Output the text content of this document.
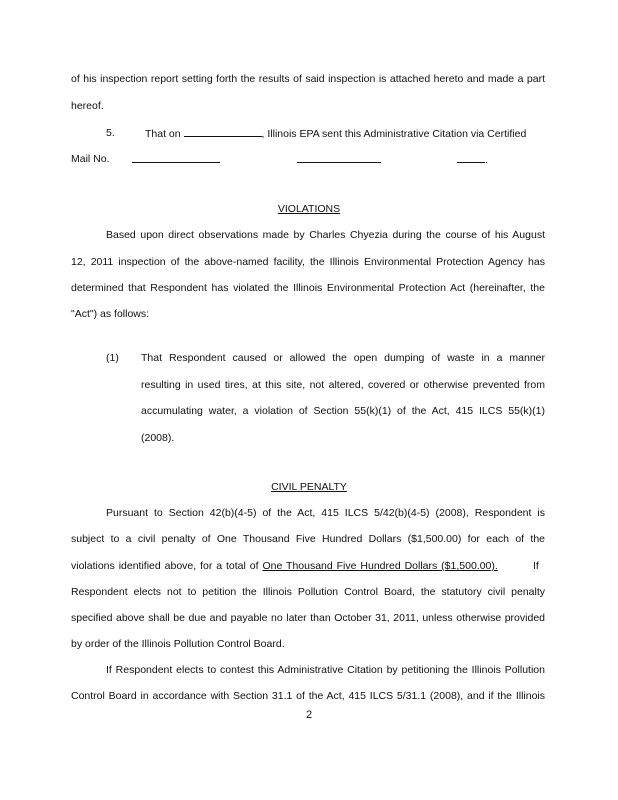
of his inspection report setting forth the results of said inspection is attached hereto and made a part
hereof.
5.	That on	, Illinois EPA sent this Administrative Citation via Certified
Mail No.	.
VIOLATIONS
Based upon direct observations made by Charles Chyezia during the course of his August
12, 2011 inspection of the above-named facility, the Illinois Environmental Protection Agency has
determined that Respondent has violated the Illinois Environmental Protection Act (hereinafter, the
"Act") as follows:
(1) That Respondent caused or allowed the open dumping of waste in a manner
resulting in used tires, at this site, not altered, covered or otherwise prevented from
accumulating water, a violation of Section 55(k)(1) of the Act, 415 ILCS 55(k)(1)
(2008).
CIVIL PENALTY
Pursuant to Section 42(b)(4-5) of the Act, 415 ILCS 5/42(b)(4-5) (2008), Respondent is
subject to a civil penalty of One Thousand Five Hundred Dollars ($1,500.00) for each of the
violations identified above, for a total of One Thousand Five Hundred Dollars ($1,500.00).	If
Respondent elects not to petition the Illinois Pollution Control Board, the statutory civil penalty
specified above shall be due and payable no later than October 31, 2011, unless otherwise provided
by order of the Illinois Pollution Control Board.
If Respondent elects to contest this Administrative Citation by petitioning the Illinois Pollution
Control Board in accordance with Section 31.1 of the Act, 415 ILCS 5/31.1 (2008), and if the Illinois
2
